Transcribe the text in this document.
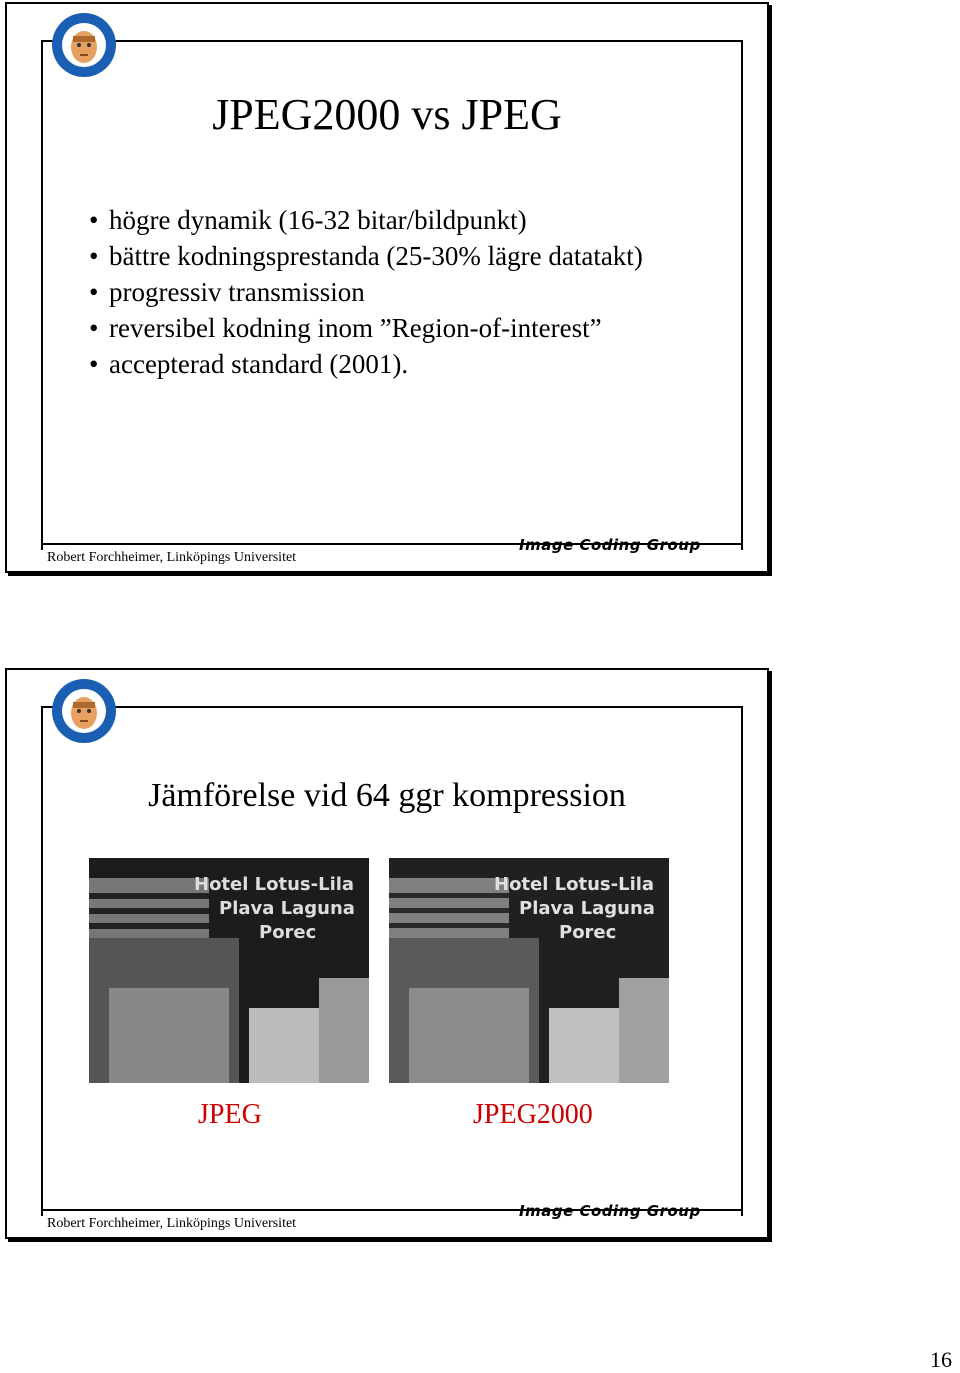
JPEG2000 vs JPEG
• högre dynamik (16-32 bitar/bildpunkt)
• bättre kodningsprestanda (25-30% lägre datatakt)
• progressiv transmission
• reversibel kodning inom ”Region-of-interest”
• accepterad standard (2001).
Robert Forchheimer, Linköpings Universitet
Image Coding Group
Jämförelse vid 64 ggr kompression
Hotel Lotus-Lila
Plava Laguna
Porec
Hotel Lotus-Lila
Plava Laguna
Porec
JPEG	JPEG2000
Robert Forchheimer, Linköpings Universitet
Image Coding Group
16
